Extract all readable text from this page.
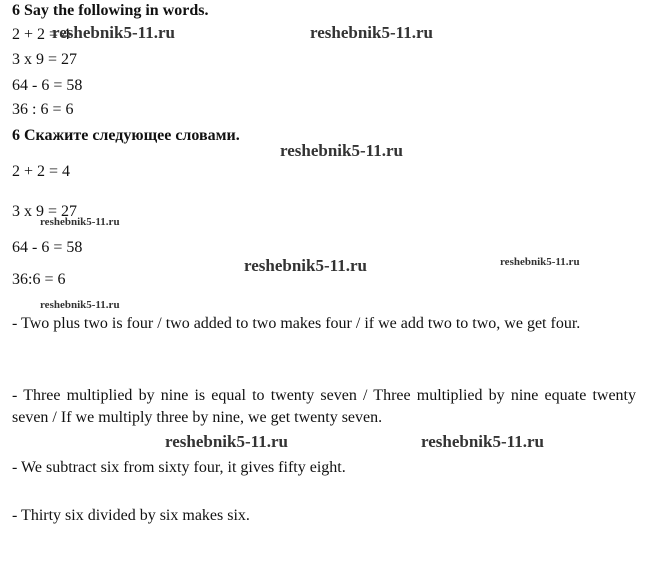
6 Say the following in words.
2 + 2 = 4
3 x 9 = 27
64 - 6 = 58
36 : 6 = 6
6 Скажите следующее словами.
2 + 2 = 4
3 x 9 = 27
64 - 6 = 58
36:6 = 6
- Two plus two is four / two added to two makes four / if we add two to two, we get four.
- Three multiplied by nine is equal to twenty seven / Three multiplied by nine equate twenty seven / If we multiply three by nine, we get twenty seven.
- We subtract six from sixty four, it gives fifty eight.
- Thirty six divided by six makes six.
reshebnik5-11.ru	reshebnik5-11.ru
reshebnik5-11.ru
reshebnik5-11.ru
reshebnik5-11.ru	reshebnik5-11.ru
reshebnik5-11.ru
reshebnik5-11.ru	reshebnik5-11.ru
